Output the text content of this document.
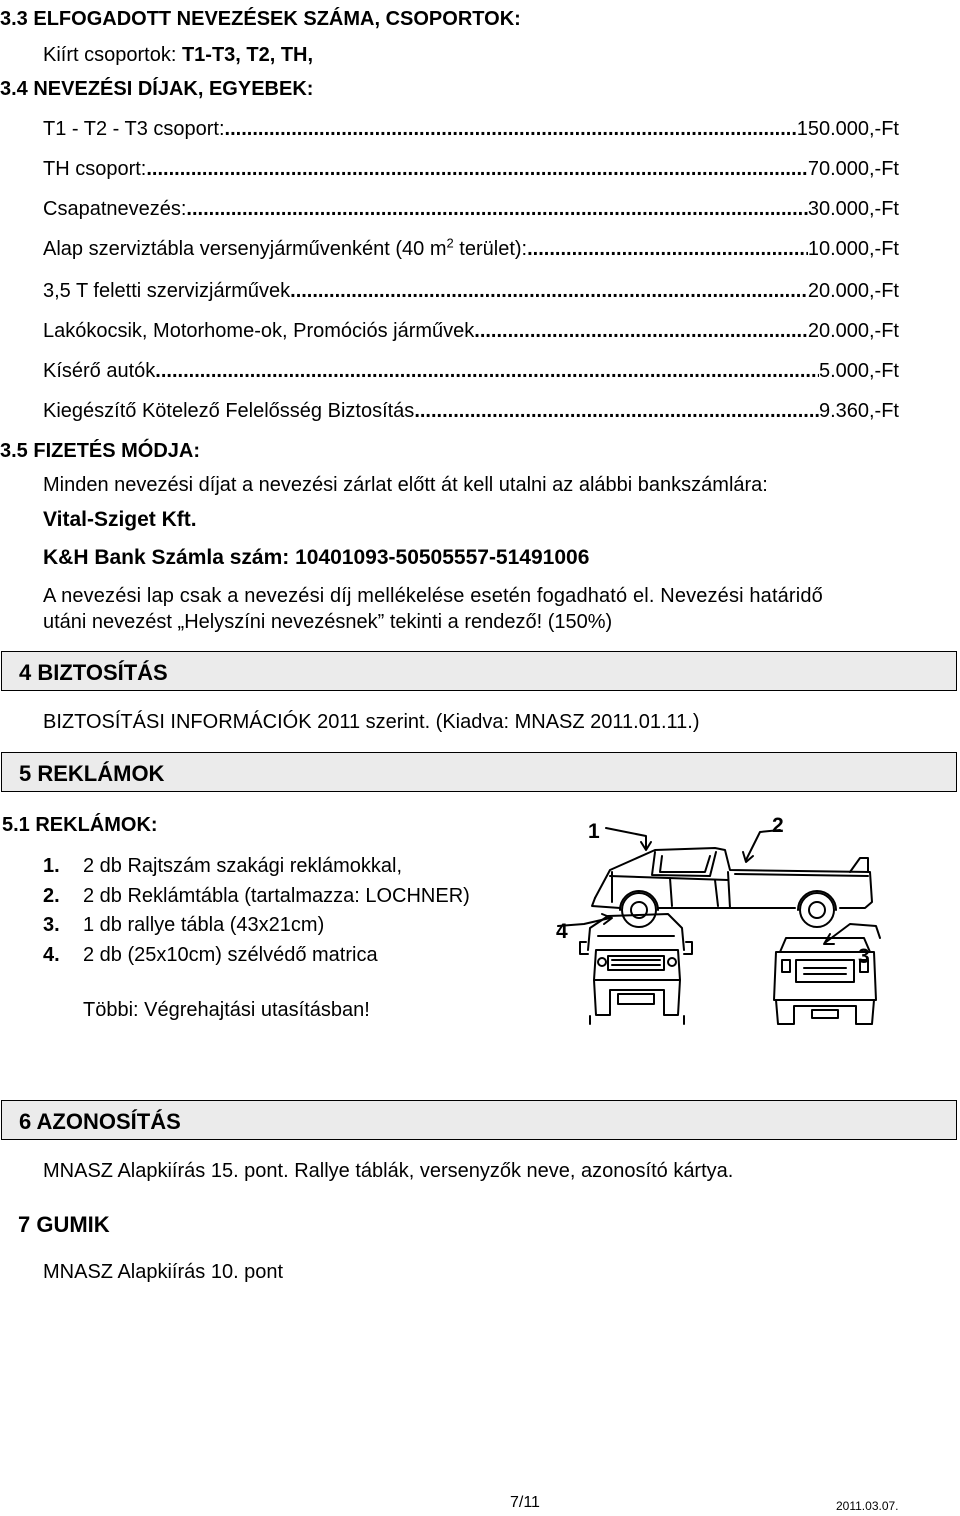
3.3 ELFOGADOTT NEVEZÉSEK SZÁMA, CSOPORTOK:
Kiírt csoportok: T1-T3, T2, TH,
3.4 NEVEZÉSI DÍJAK, EGYEBEK:
T1 - T2 - T3 csoport: .....	150.000,-Ft
TH csoport: .....	70.000,-Ft
Csapatnevezés: .....	30.000,-Ft
Alap szerviztábla versenyjárművenként (40 $m^2$ terület): .....	10.000,-Ft
3,5 T feletti szervizjárművek .....	20.000,-Ft
Lakókocsik, Motorhome-ok, Promóciós járművek .....	20.000,-Ft
Kísérő autók .....	5.000,-Ft
Kiegészítő Kötelező Felelősség Biztosítás .....	9.360,-Ft
3.5 FIZETÉS MÓDJA:
Minden nevezési díjat a nevezési zárlat előtt át kell utalni az alábbi bankszámlára:
Vital-Sziget Kft.
K&H Bank Számla szám: 10401093-50505557-51491006
A nevezési lap csak a nevezési díj mellékelése esetén fogadható el. Nevezési határidő
utáni nevezést „Helyszíni nevezésnek” tekinti a rendező! (150%)
4 BIZTOSÍTÁS
BIZTOSÍTÁSI INFORMÁCIÓK 2011 szerint. (Kiadva: MNASZ 2011.01.11.)
5 REKLÁMOK
5.1 REKLÁMOK:
1. 2 db Rajtszám szakági reklámokkal,
2. 2 db Reklámtábla (tartalmazza: LOCHNER)
3. 1 db rallye tábla (43x21cm)
4. 2 db (25x10cm) szélvédő matrica
Többi: Végrehajtási utasításban!
1	2
3
4
6 AZONOSÍTÁS
MNASZ Alapkiírás 15. pont. Rallye táblák, versenyzők neve, azonosító kártya.
7 GUMIK
MNASZ Alapkiírás 10. pont
7/11	2011.03.07.
